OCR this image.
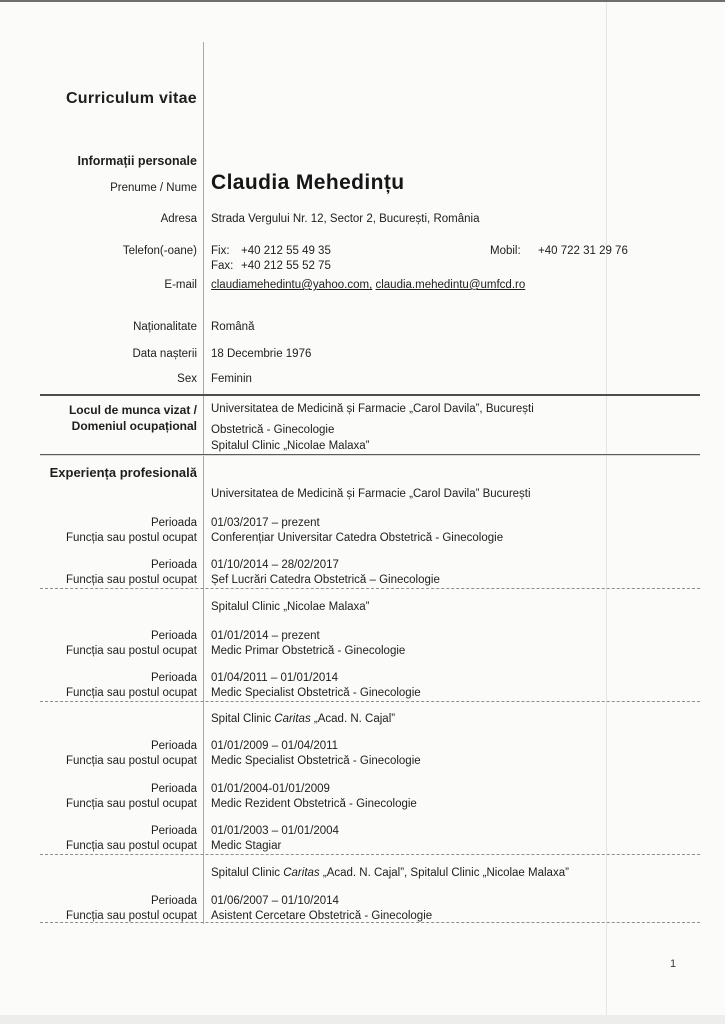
Curriculum vitae
Informații personale
Prenume / Nume Claudia Mehedințu
Adresa Strada Vergului Nr. 12, Sector 2, București, România
Telefon(-oane) Fix: +40 212 55 49 35
Fax: +40 212 55 52 75
Mobil: +40 722 31 29 76
E-mail claudiamehedintu@yahoo.com, claudia.mehedintu@umfcd.ro
Naționalitate Română
Data nașterii 18 Decembrie 1976
Sex Feminin
Locul de munca vizat /
Domeniul ocupațional
Universitatea de Medicină și Farmacie „Carol Davila”, București
Obstetrică - Ginecologie
Spitalul Clinic „Nicolae Malaxa”
Experiența profesională
Universitatea de Medicină și Farmacie „Carol Davila” București
Perioada 01/03/2017 – prezent
Funcția sau postul ocupat Conferențiar Universitar Catedra Obstetrică - Ginecologie
Perioada 01/10/2014 – 28/02/2017
Funcția sau postul ocupat Șef Lucrări Catedra Obstetrică – Ginecologie
Spitalul Clinic „Nicolae Malaxa”
Perioada 01/01/2014 – prezent
Funcția sau postul ocupat Medic Primar Obstetrică - Ginecologie
Perioada 01/04/2011 – 01/01/2014
Funcția sau postul ocupat Medic Specialist Obstetrică - Ginecologie
Spital Clinic Caritas „Acad. N. Cajal”
Perioada 01/01/2009 – 01/04/2011
Funcția sau postul ocupat Medic Specialist Obstetrică - Ginecologie
Perioada 01/01/2004-01/01/2009
Funcția sau postul ocupat Medic Rezident Obstetrică - Ginecologie
Perioada 01/01/2003 – 01/01/2004
Funcția sau postul ocupat Medic Stagiar
Spitalul Clinic Caritas „Acad. N. Cajal”, Spitalul Clinic „Nicolae Malaxa”
Perioada 01/06/2007 – 01/10/2014
Funcția sau postul ocupat Asistent Cercetare Obstetrică - Ginecologie
1
